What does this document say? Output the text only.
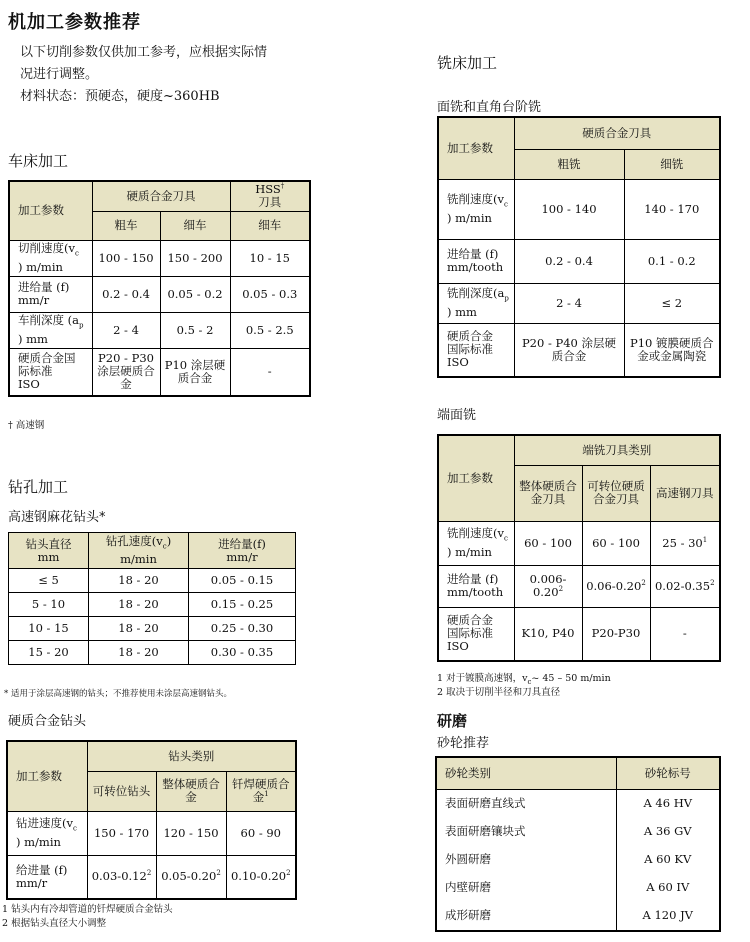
机加工参数推荐
以下切削参数仅供加工参考，应根据实际情
况进行调整。
材料状态：预硬态，硬度~360HB
车床加工
加工参数	硬质合金刀具		HSS†
刀具
	粗车	细车	细车
切削速度($v_c$
) m/min	100 - 150	150 - 200	10 - 15
进给量 (f)
mm/r	0.2 - 0.4	0.05 - 0.2	0.05 - 0.3
车削深度 ($a_p$
) mm	2 - 4	0.5 - 2	0.5 - 2.5
硬质合金国
际标准
ISO	P20 - P30 涂层硬质合金	P10 涂层硬质合金	-
† 高速钢
钻孔加工
高速钢麻花钻头*
钻头直径
mm	钻孔速度$(v_c)$
m/min	进给量(f)
mm/r
≤ 5	18 - 20	0.05 - 0.15
5 - 10	18 - 20	0.15 - 0.25
10 - 15	18 - 20	0.25 - 0.30
15 - 20	18 - 20	0.30 - 0.35
* 适用于涂层高速钢的钻头；不推荐使用未涂层高速钢钻头。
硬质合金钻头
加工参数	钻头类别		
	可转位钻头	整体硬质合金	钎焊硬质合金$^1$
钻进速度($v_c$
) m/min	150 - 170	120 - 150	60 - 90
给进量 (f)
mm/r	0.03-0.12$^2$	0.05-0.20$^2$	0.10-0.20$^2$
1 钻头内有冷却管道的钎焊硬质合金钻头
2 根据钻头直径大小调整
铣床加工
面铣和直角台阶铣
加工参数	硬质合金刀具	
	粗铣	细铣
铣削速度($v_c$
) m/min	100 - 140	140 - 170
进给量 (f)
mm/tooth	0.2 - 0.4	0.1 - 0.2
铣削深度($a_p$
) mm	2 - 4	≤ 2
硬质合金
国际标准
ISO	P20 - P40 涂层硬质合金	P10 镀膜硬质合金或金属陶瓷
端面铣
加工参数	端铣刀具类别		
	整体硬质合金刀具	可转位硬质合金刀具	高速钢刀具
铣削速度($v_c$
) m/min	60 - 100	60 - 100	$25 - 30^1$
进给量 (f)
mm/tooth	0.006-0.20$^2$	0.06-0.20$^2$	0.02-0.35$^2$
硬质合金
国际标准
ISO	K10, P40	P20-P30	-
1 对于镀膜高速钢，$v_c\sim$ 45 – 50 m/min
2 取决于切削半径和刀具直径
研磨
砂轮推荐
砂轮类别	砂轮标号
表面研磨直线式	A 46 HV
表面研磨镶块式	A 36 GV
外圆研磨	A 60 KV
内壁研磨	A 60 IV
成形研磨	A 120 JV
